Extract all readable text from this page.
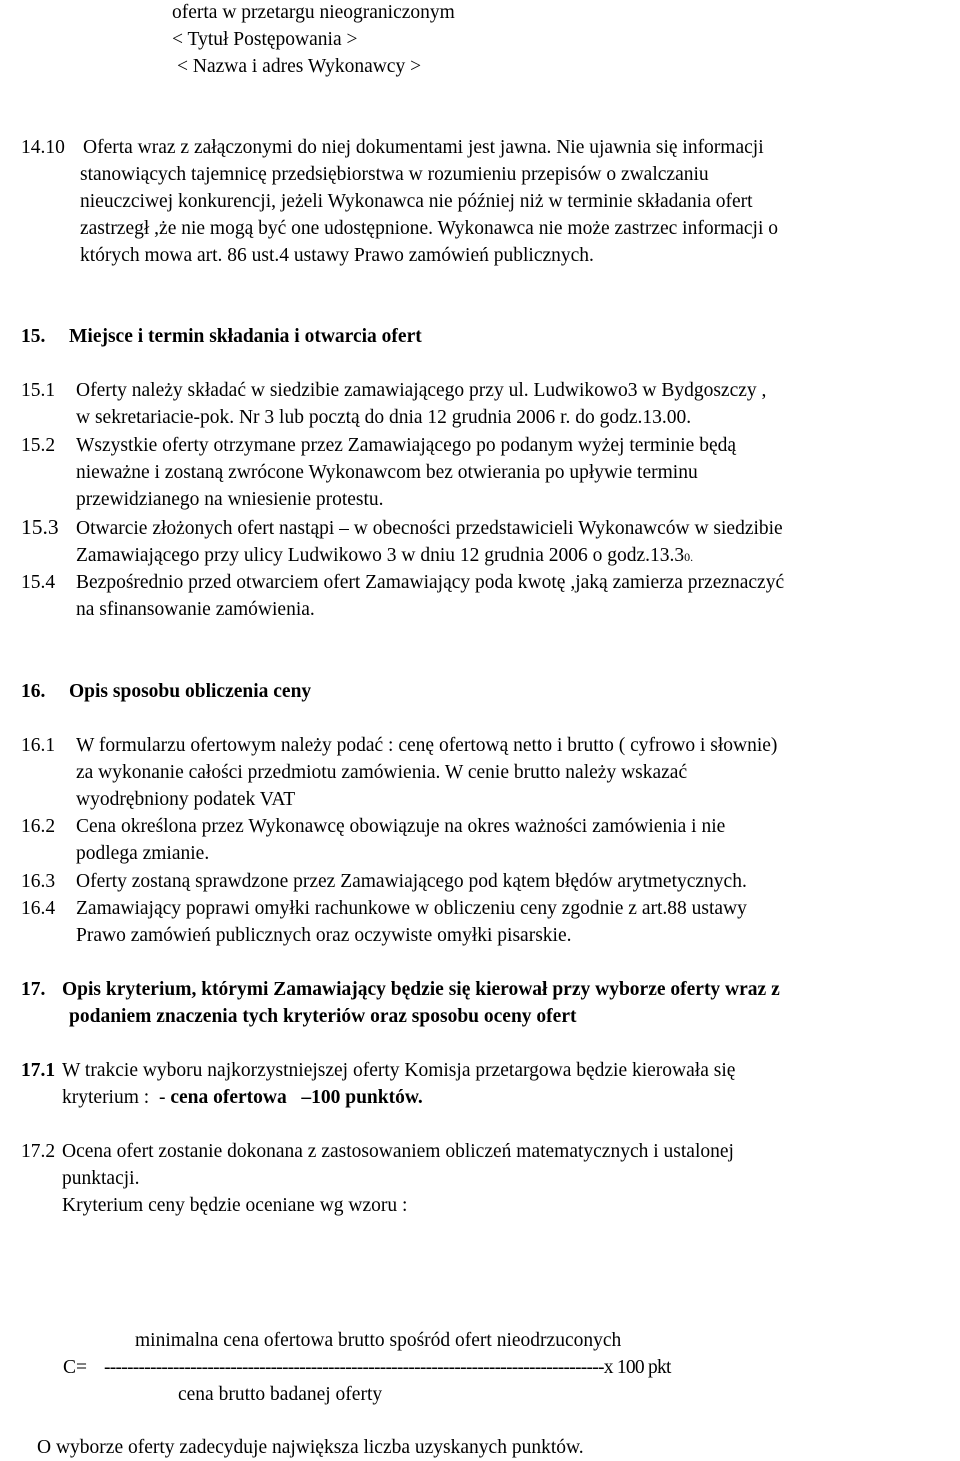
oferta w przetargu nieograniczonym
< Tytuł Postępowania >
< Nazwa i adres Wykonawcy >
14.10 Oferta wraz z załączonymi do niej dokumentami jest jawna. Nie ujawnia się informacji
stanowiących tajemnicę przedsiębiorstwa w rozumieniu przepisów o zwalczaniu
nieuczciwej konkurencji, jeżeli Wykonawca nie później niż w terminie składania ofert
zastrzegł ,że nie mogą być one udostępnione. Wykonawca nie może zastrzec informacji o
których mowa art. 86 ust.4 ustawy Prawo zamówień publicznych.
15. Miejsce i termin składania i otwarcia ofert
15.1 Oferty należy składać w siedzibie zamawiającego przy ul. Ludwikowo3 w Bydgoszczy ,
w sekretariacie-pok. Nr 3 lub pocztą do dnia 12 grudnia 2006 r. do godz.13.00.
15.2 Wszystkie oferty otrzymane przez Zamawiającego po podanym wyżej terminie będą
nieważne i zostaną zwrócone Wykonawcom bez otwierania po upływie terminu
przewidzianego na wniesienie protestu.
15.3 Otwarcie złożonych ofert nastąpi – w obecności przedstawicieli Wykonawców w siedzibie
Zamawiającego przy ulicy Ludwikowo 3 w dniu 12 grudnia 2006 o godz.13.30.
15.4 Bezpośrednio przed otwarciem ofert Zamawiający poda kwotę ,jaką zamierza przeznaczyć
na sfinansowanie zamówienia.
16. Opis sposobu obliczenia ceny
16.1 W formularzu ofertowym należy podać : cenę ofertową netto i brutto ( cyfrowo i słownie)
za wykonanie całości przedmiotu zamówienia. W cenie brutto należy wskazać
wyodrębniony podatek VAT
16.2 Cena określona przez Wykonawcę obowiązuje na okres ważności zamówienia i nie
podlega zmianie.
16.3 Oferty zostaną sprawdzone przez Zamawiającego pod kątem błędów arytmetycznych.
16.4 Zamawiający poprawi omyłki rachunkowe w obliczeniu ceny zgodnie z art.88 ustawy
Prawo zamówień publicznych oraz oczywiste omyłki pisarskie.
17. Opis kryterium, którymi Zamawiający będzie się kierował przy wyborze oferty wraz z
podaniem znaczenia tych kryteriów oraz sposobu oceny ofert
17.1 W trakcie wyboru najkorzystniejszej oferty Komisja przetargowa będzie kierowała się
kryterium :  - cena ofertowa   –100 punktów.
17.2 Ocena ofert zostanie dokonana z zastosowaniem obliczeń matematycznych i ustalonej
punktacji.
Kryterium ceny będzie oceniane wg wzoru :
minimalna cena ofertowa brutto spośród ofert nieodrzuconych
C= ---------------------------------------------------------------------------------------x 100 pkt
cena brutto badanej oferty
O wyborze oferty zadecyduje największa liczba uzyskanych punktów.
